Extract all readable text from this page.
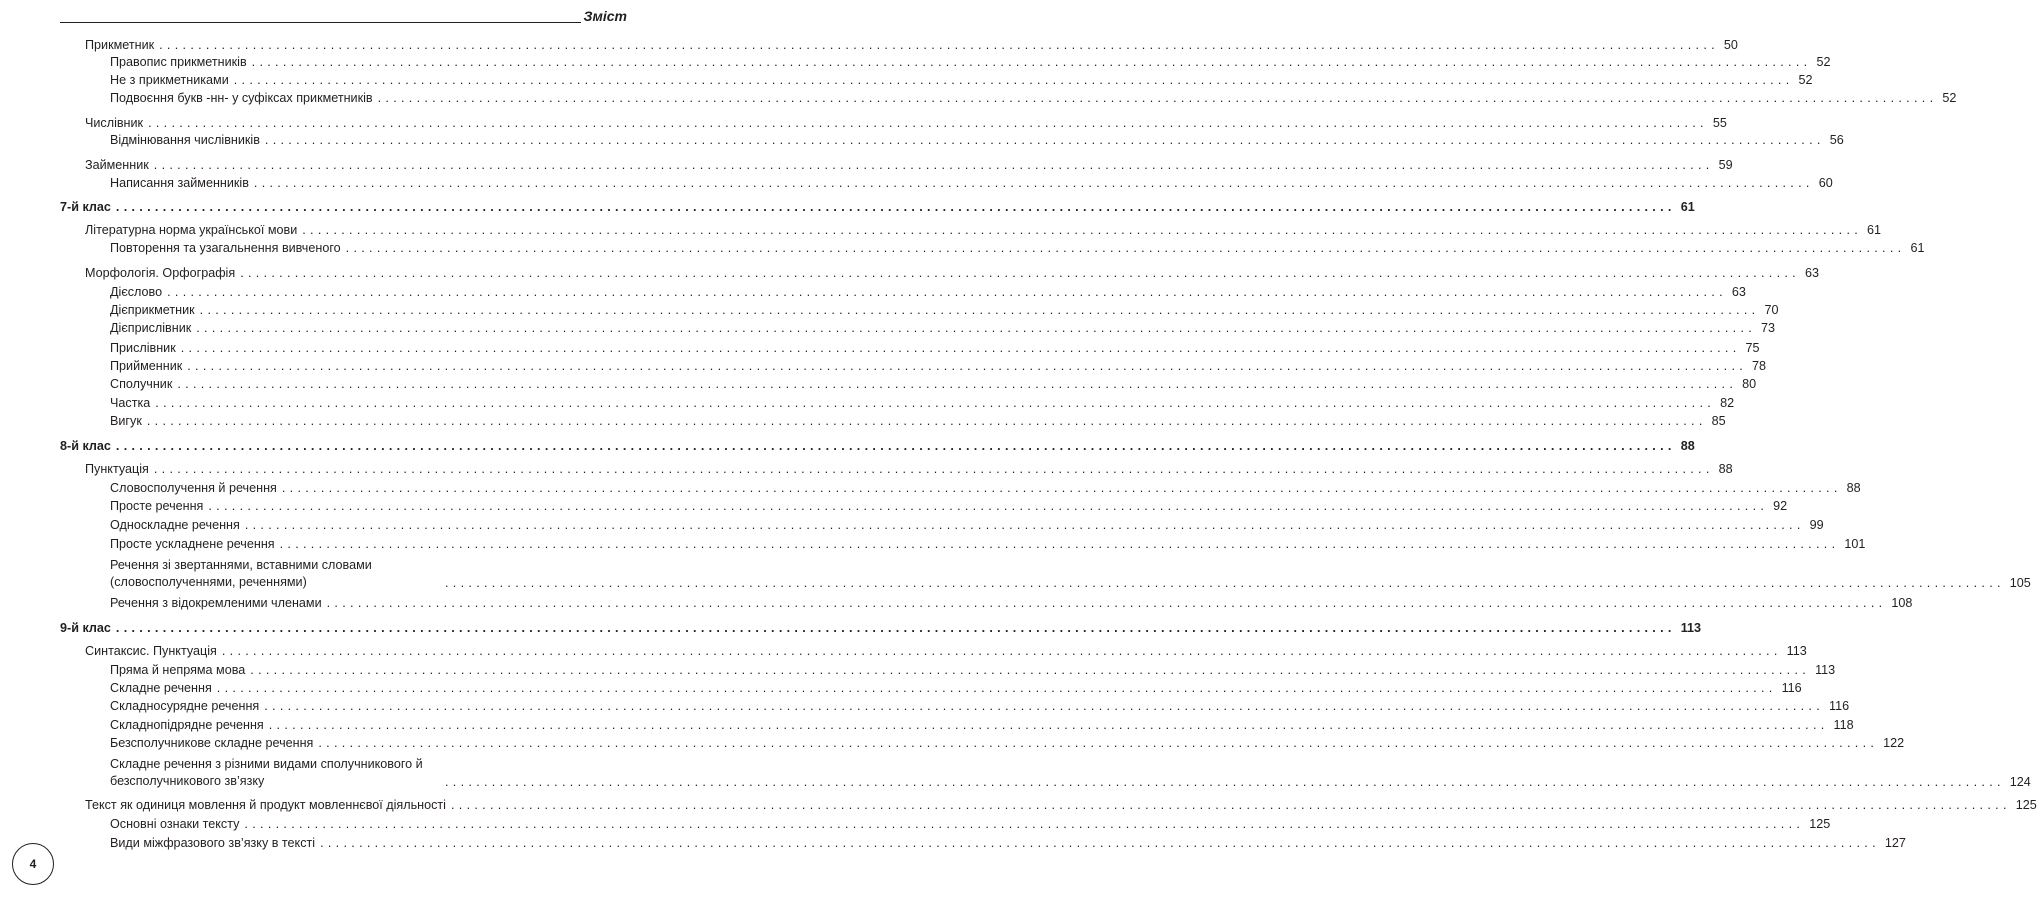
Зміст
Прикметник ........................................................................................................................................................................................................ 50
Правопис прикметників ........................................................................................................................................................................................................ 52
Не з прикметниками ........................................................................................................................................................................................................ 52
Подвоєння букв -нн- у суфіксах прикметників ........................................................................................................................................................................................................ 52
Числівник ........................................................................................................................................................................................................ 55
Відмінювання числівників ........................................................................................................................................................................................................ 56
Займенник ........................................................................................................................................................................................................ 59
Написання займенників ........................................................................................................................................................................................................ 60
7-й клас ........................................................................................................................................................................................................ 61
Літературна норма української мови ........................................................................................................................................................................................................ 61
Повторення та узагальнення вивченого ........................................................................................................................................................................................................ 61
Морфологія. Орфографія ........................................................................................................................................................................................................ 63
Дієслово ........................................................................................................................................................................................................ 63
Дієприкметник ........................................................................................................................................................................................................ 70
Дієприслівник ........................................................................................................................................................................................................ 73
Прислівник ........................................................................................................................................................................................................ 75
Прийменник ........................................................................................................................................................................................................ 78
Сполучник ........................................................................................................................................................................................................ 80
Частка ........................................................................................................................................................................................................ 82
Вигук ........................................................................................................................................................................................................ 85
8-й клас ........................................................................................................................................................................................................ 88
Пунктуація ........................................................................................................................................................................................................ 88
Словосполучення й речення ........................................................................................................................................................................................................ 88
Просте речення ........................................................................................................................................................................................................ 92
Односкладне речення ........................................................................................................................................................................................................ 99
Просте ускладнене речення ........................................................................................................................................................................................................ 101
Речення зі звертаннями, вставними словами (словосполученнями, реченнями)	........................................................................................................................................................................................................ 105
Речення з відокремленими членами ........................................................................................................................................................................................................ 108
9-й клас ........................................................................................................................................................................................................ 113
Синтаксис. Пунктуація ........................................................................................................................................................................................................ 113
Пряма й непряма мова ........................................................................................................................................................................................................ 113
Складне речення ........................................................................................................................................................................................................ 116
Складносурядне речення ........................................................................................................................................................................................................ 116
Складнопідрядне речення ........................................................................................................................................................................................................ 118
Безсполучникове складне речення ........................................................................................................................................................................................................ 122
Складне речення з різними видами сполучникового й безсполучникового зв’язку	........................................................................................................................................................................................................ 124
Текст як одиниця мовлення й продукт мовленнєвої діяльності ........................................................................................................................................................................................................ 125
Основні ознаки тексту ........................................................................................................................................................................................................ 125
Види міжфразового зв’язку в тексті ........................................................................................................................................................................................................ 127
4
